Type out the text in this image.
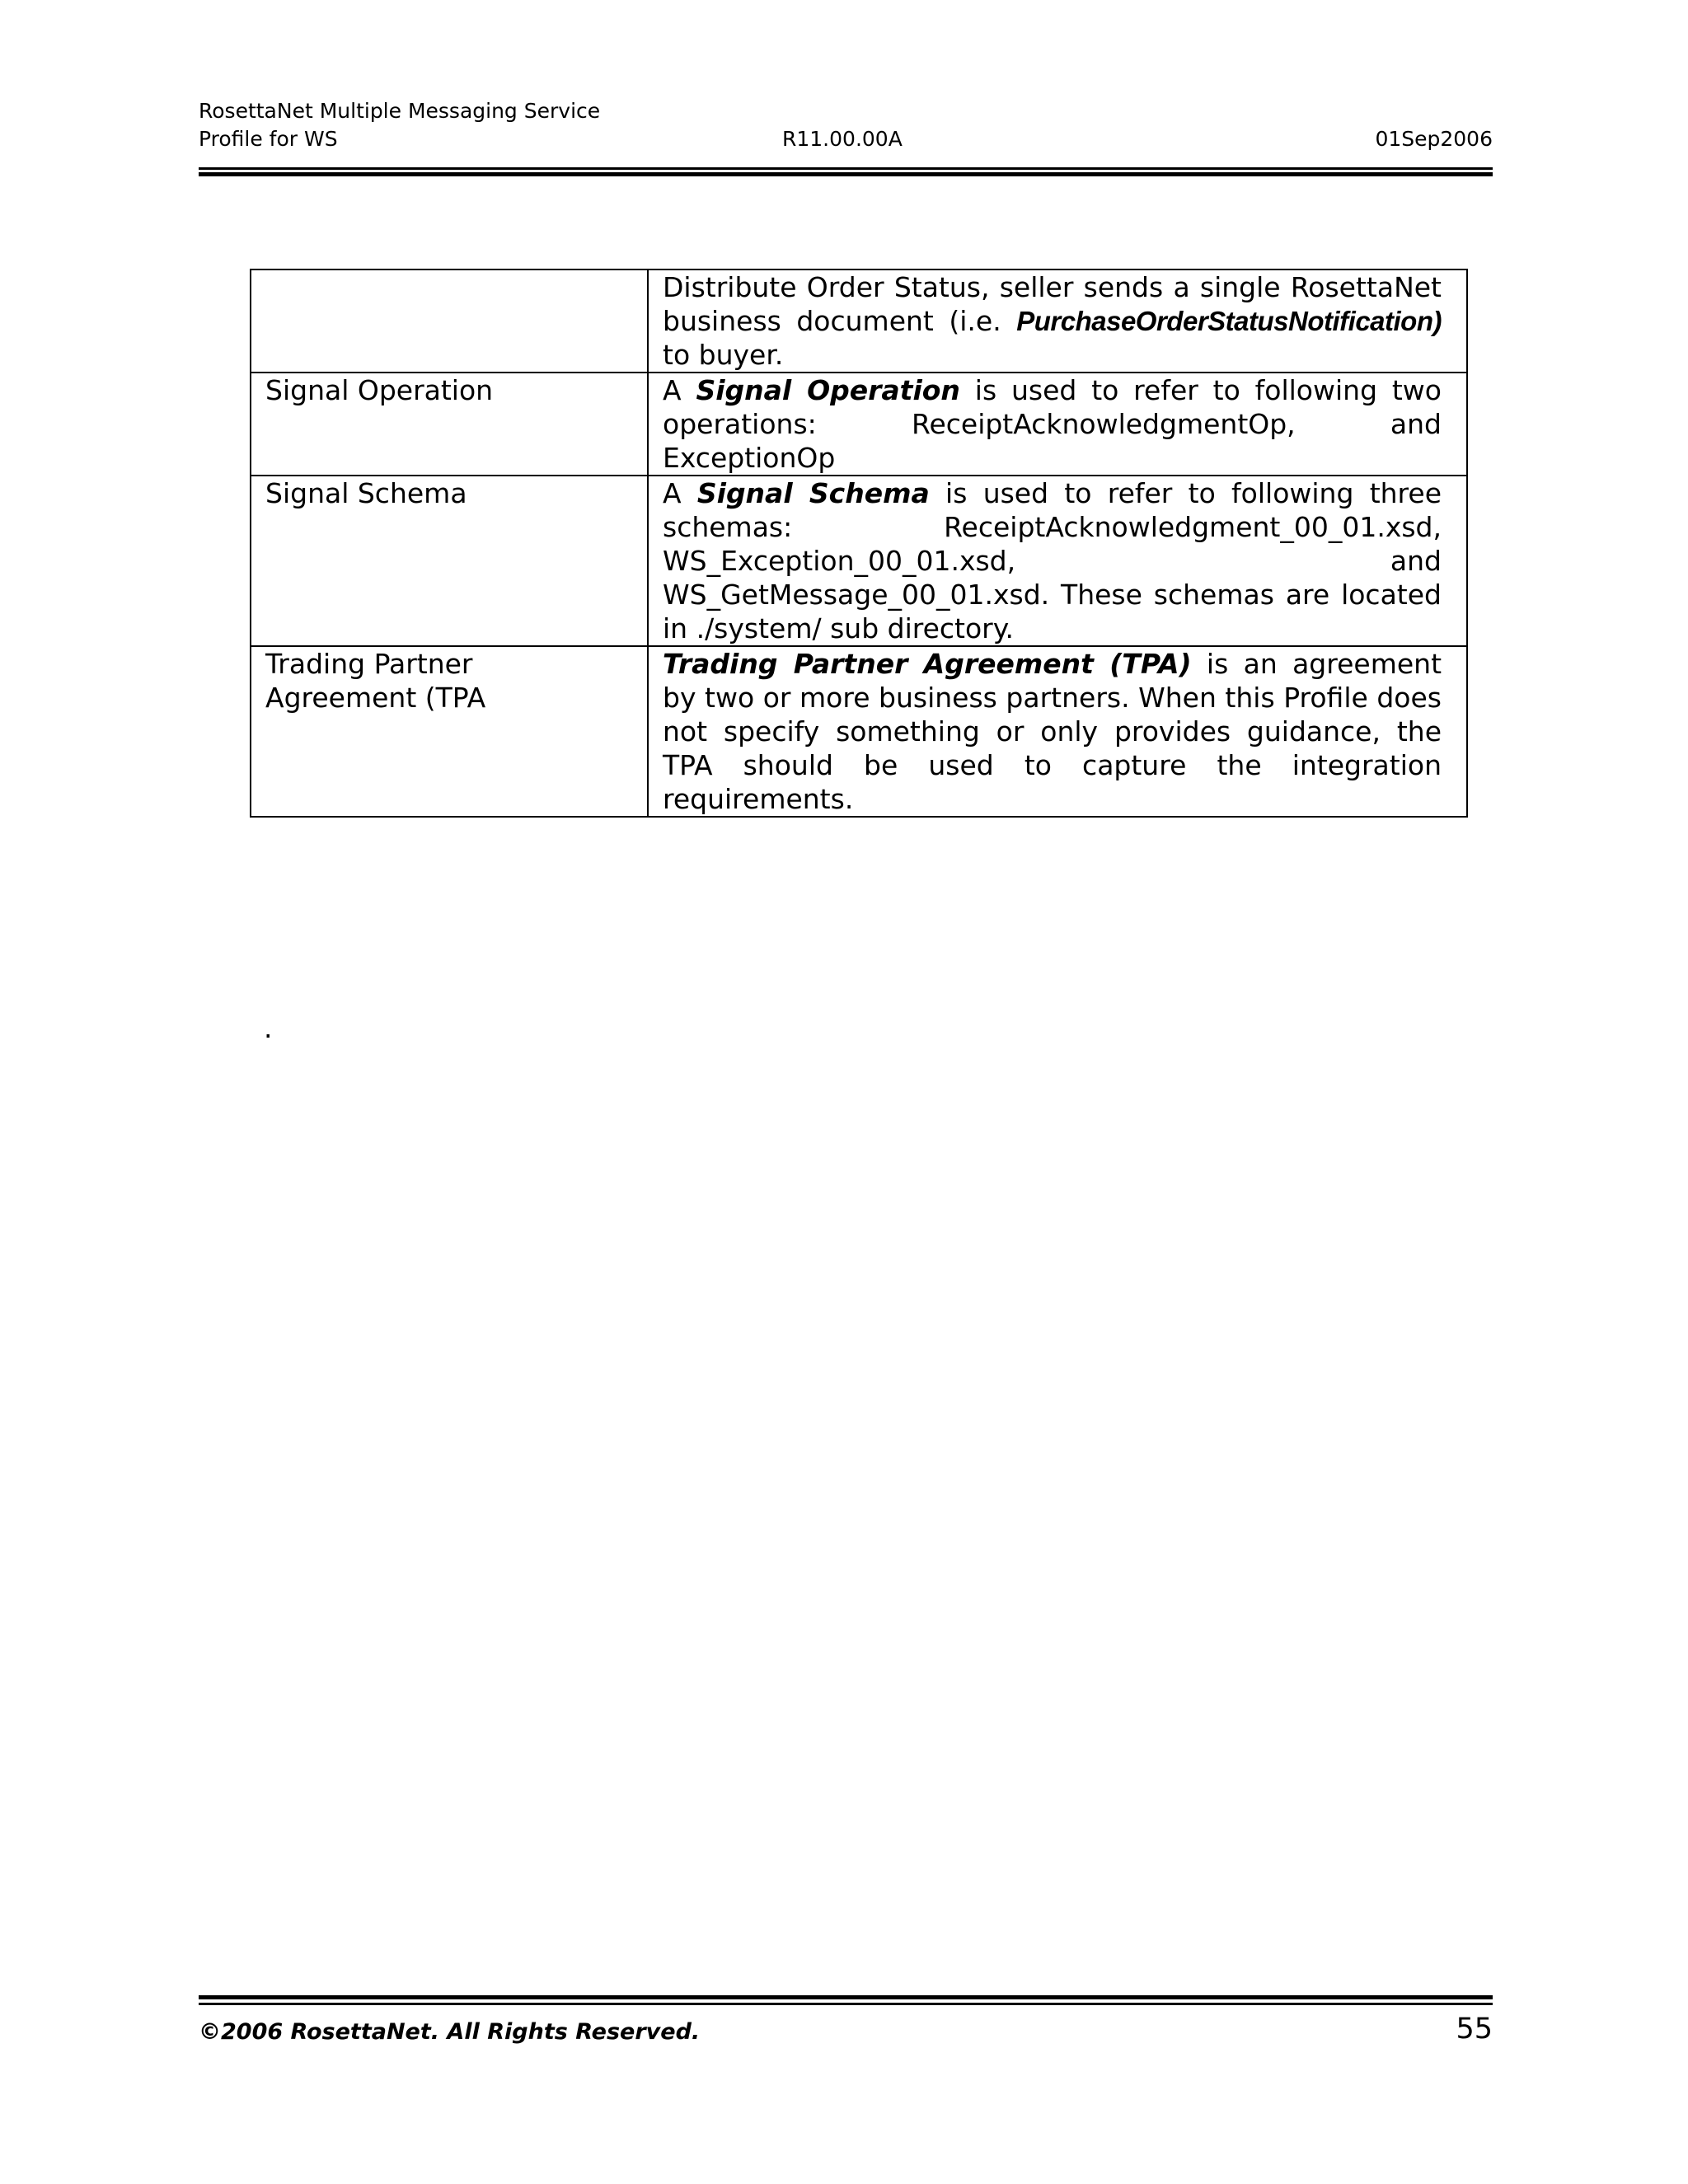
RosettaNet Multiple Messaging Service
Profile for WS	R11.00.00A	01Sep2006
	Distribute Order Status, seller sends a single RosettaNet business document (i.e. PurchaseOrderStatusNotification) to buyer.
Signal Operation	A Signal Operation is used to refer to following two operations: ReceiptAcknowledgmentOp, and ExceptionOp
Signal Schema	A Signal Schema is used to refer to following three schemas: ReceiptAcknowledgment_00_01.xsd, WS_Exception_00_01.xsd, and WS_GetMessage_00_01.xsd. These schemas are located in ./system/ sub directory.

Trading Partner
Agreement (TPA	Trading Partner Agreement (TPA) is an agreement by two or more business partners. When this Profile does not specify something or only provides guidance, the TPA should be used to capture the integration requirements.
.
©2006 RosettaNet. All Rights Reserved.	55
